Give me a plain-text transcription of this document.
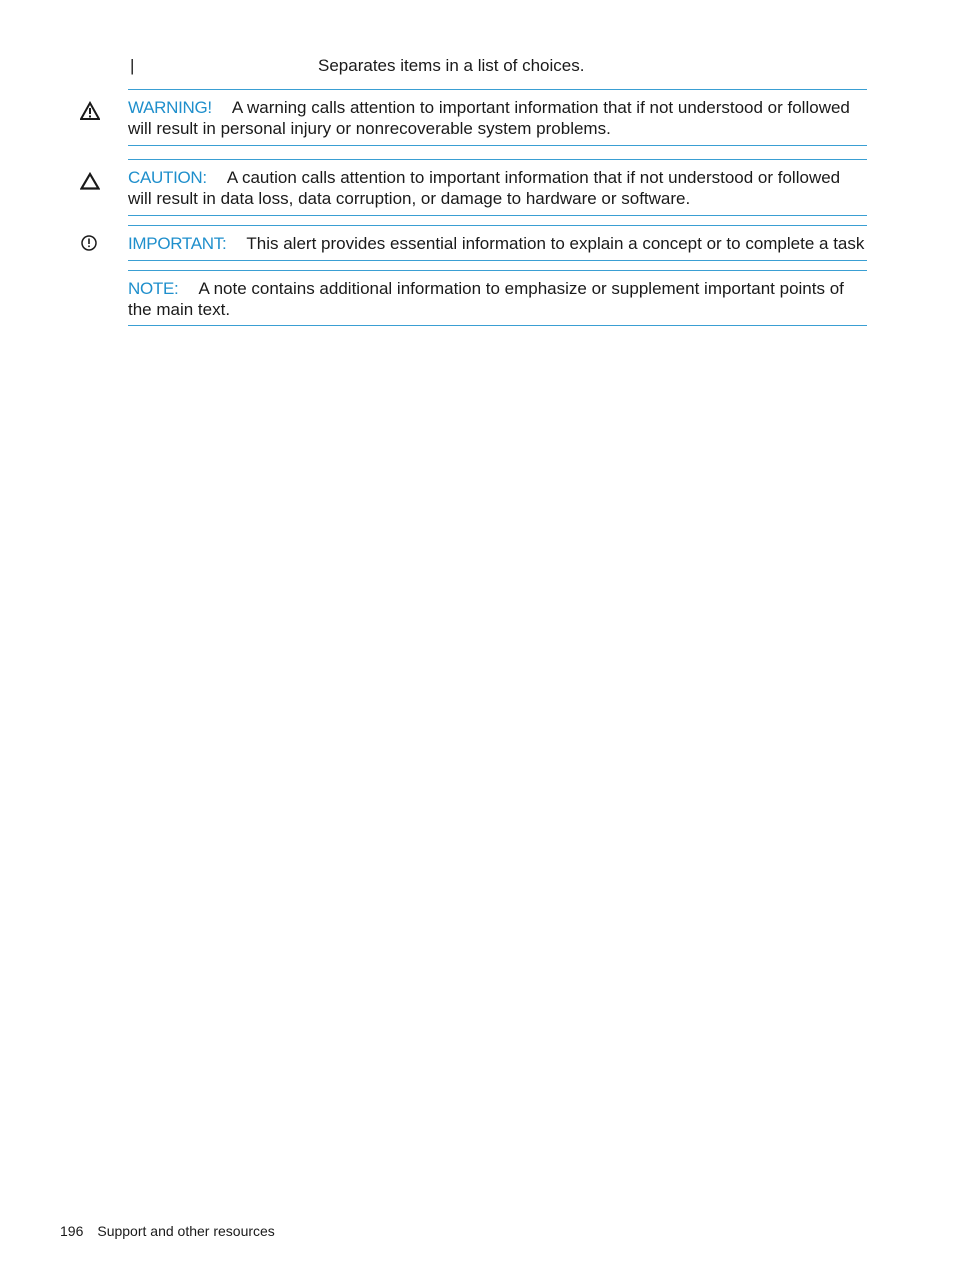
|	Separates items in a list of choices.

WARNING! A warning calls attention to important information that if not understood or followed will result in personal injury or nonrecoverable system problems.

CAUTION: A caution calls attention to important information that if not understood or followed will result in data loss, data corruption, or damage to hardware or software.

IMPORTANT: This alert provides essential information to explain a concept or to complete a task

NOTE: A note contains additional information to emphasize or supplement important points of the main text.

196 Support and other resources
